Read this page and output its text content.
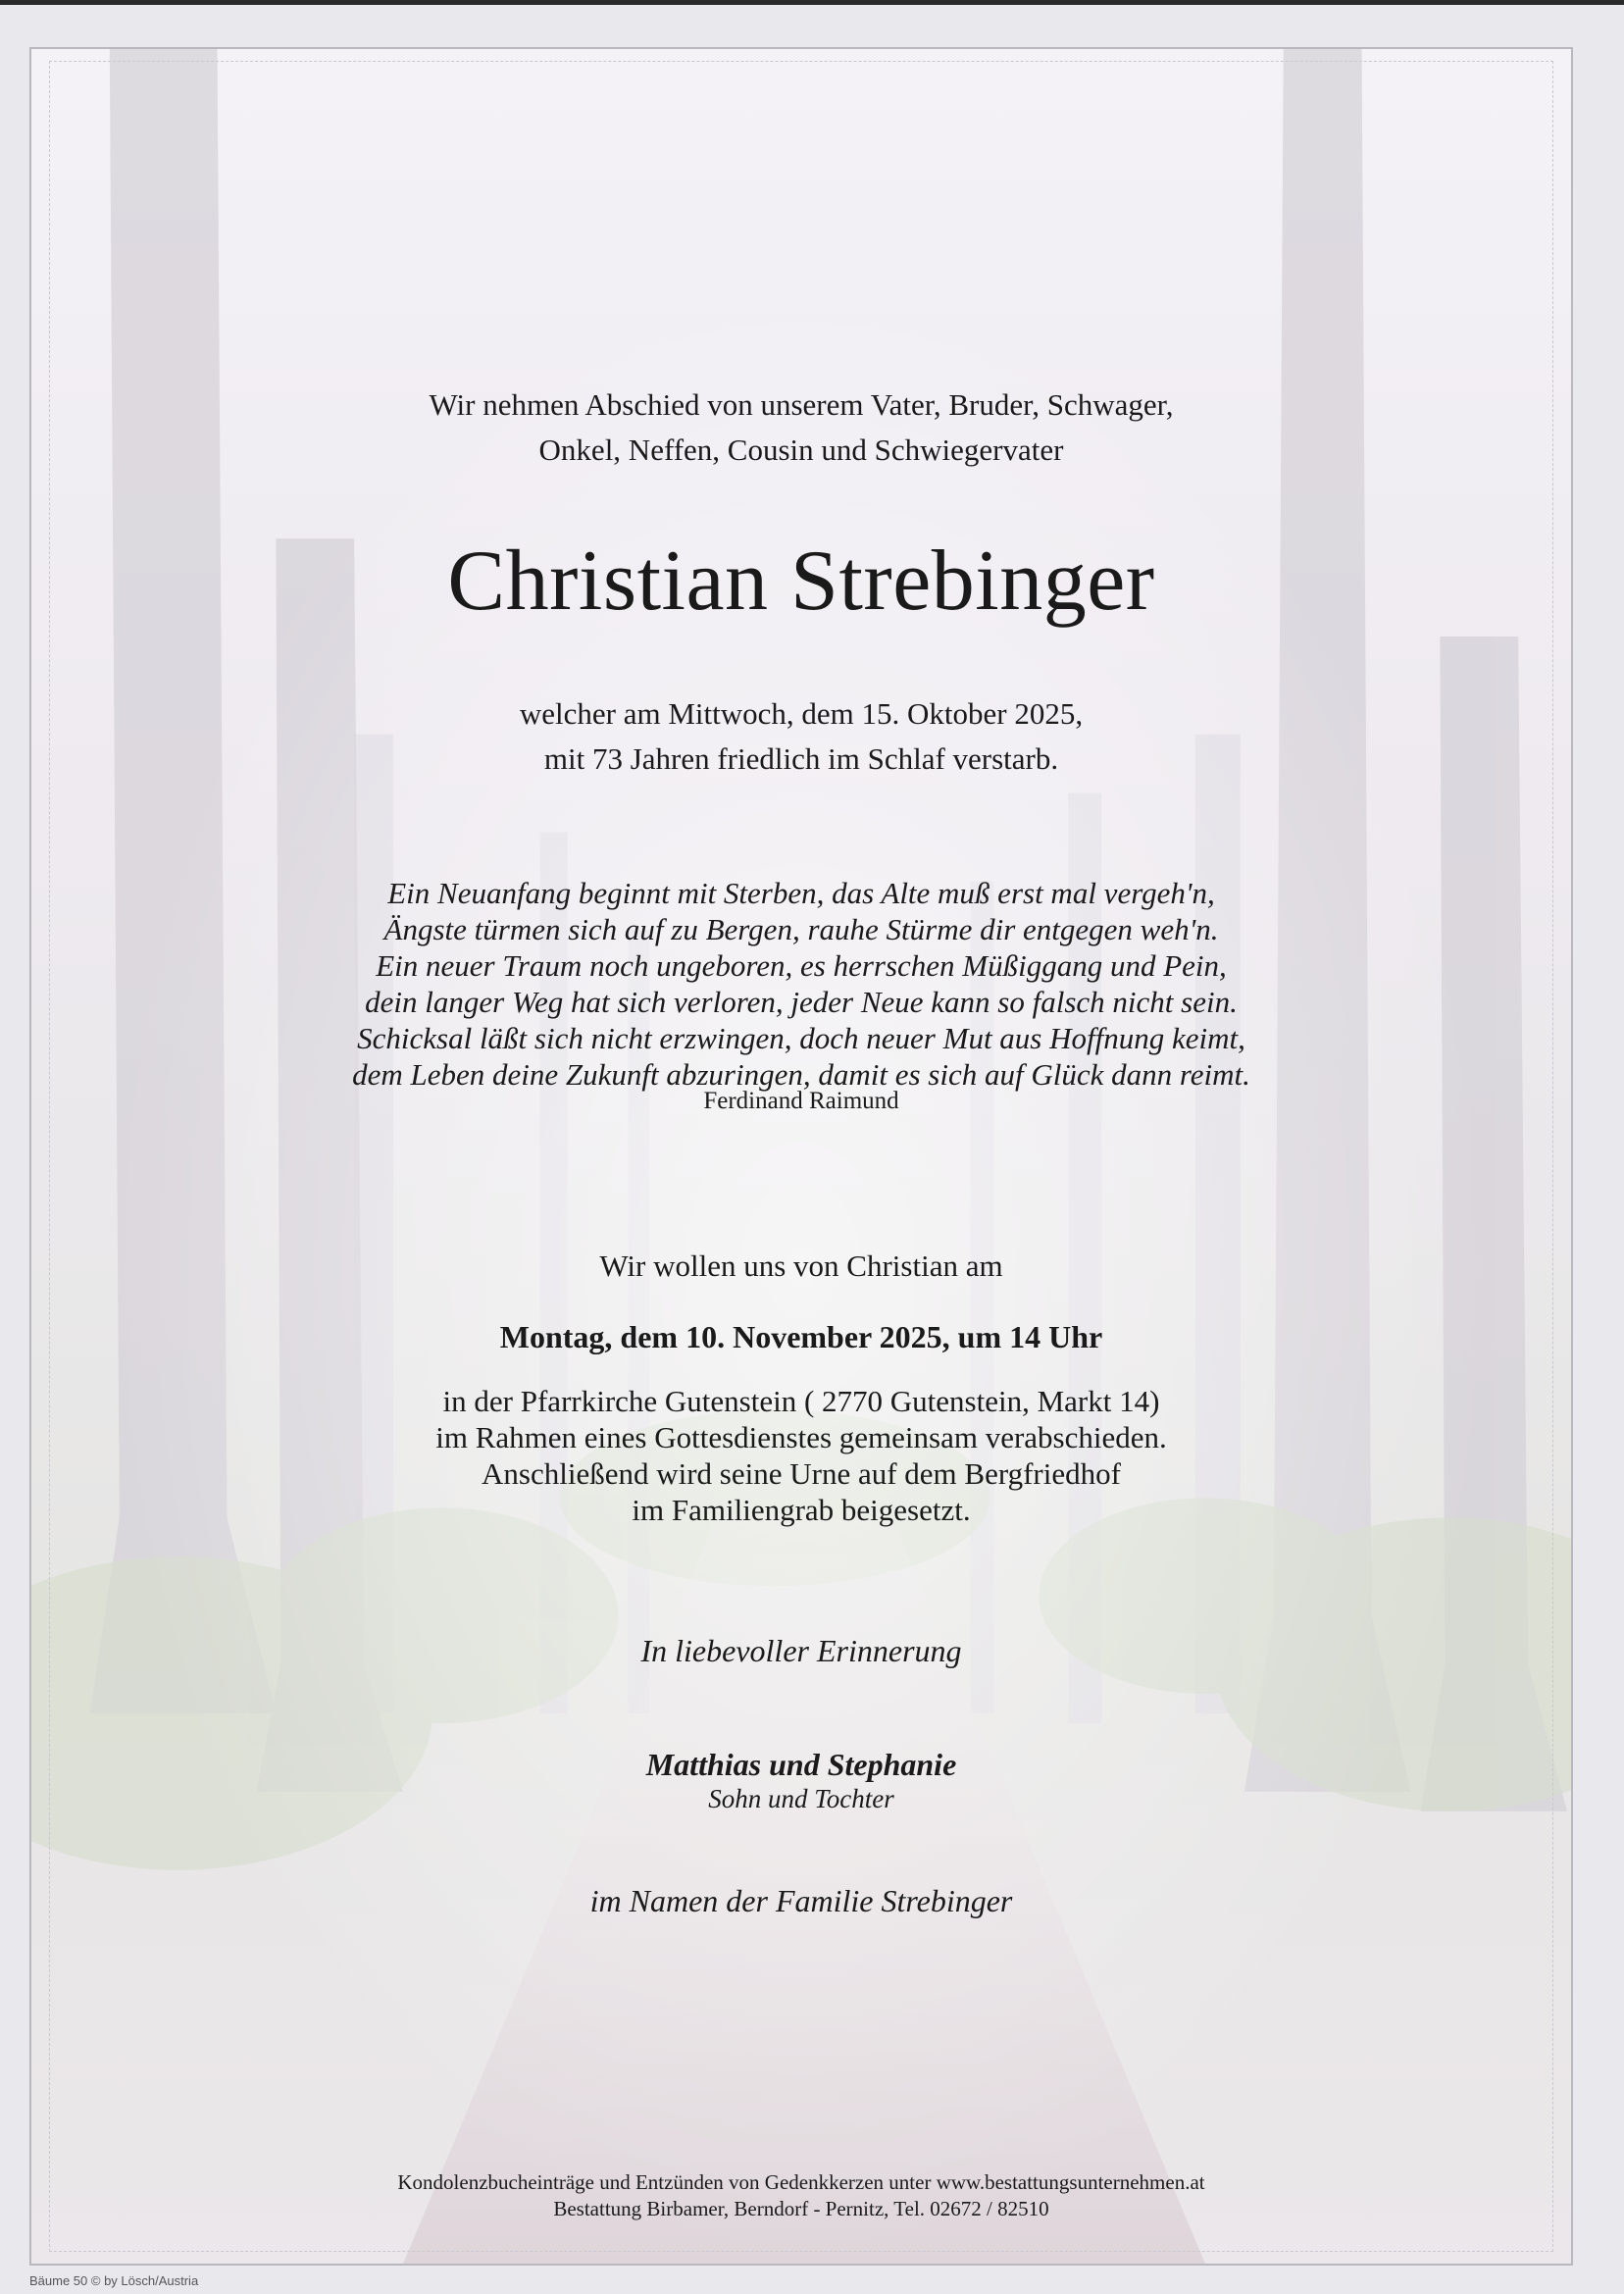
Wir nehmen Abschied von unserem Vater, Bruder, Schwager,
Onkel, Neffen, Cousin und Schwiegervater
Christian Strebinger
welcher am Mittwoch, dem 15. Oktober 2025,
mit 73 Jahren friedlich im Schlaf verstarb.
Ein Neuanfang beginnt mit Sterben, das Alte muß erst mal vergeh'n,
Ängste türmen sich auf zu Bergen, rauhe Stürme dir entgegen weh'n.
Ein neuer Traum noch ungeboren, es herrschen Müßiggang und Pein,
dein langer Weg hat sich verloren, jeder Neue kann so falsch nicht sein.
Schicksal läßt sich nicht erzwingen, doch neuer Mut aus Hoffnung keimt,
dem Leben deine Zukunft abzuringen, damit es sich auf Glück dann reimt.
Ferdinand Raimund
Wir wollen uns von Christian am
Montag, dem 10. November 2025, um 14 Uhr
in der Pfarrkirche Gutenstein ( 2770 Gutenstein, Markt 14)
im Rahmen eines Gottesdienstes gemeinsam verabschieden.
Anschließend wird seine Urne auf dem Bergfriedhof
im Familiengrab beigesetzt.
In liebevoller Erinnerung
Matthias und Stephanie
Sohn und Tochter
im Namen der Familie Strebinger
Kondolenzbucheinträge und Entzünden von Gedenkkerzen unter www.bestattungsunternehmen.at
Bestattung Birbamer, Berndorf - Pernitz, Tel. 02672 / 82510
Bäume 50 © by Lösch/Austria
